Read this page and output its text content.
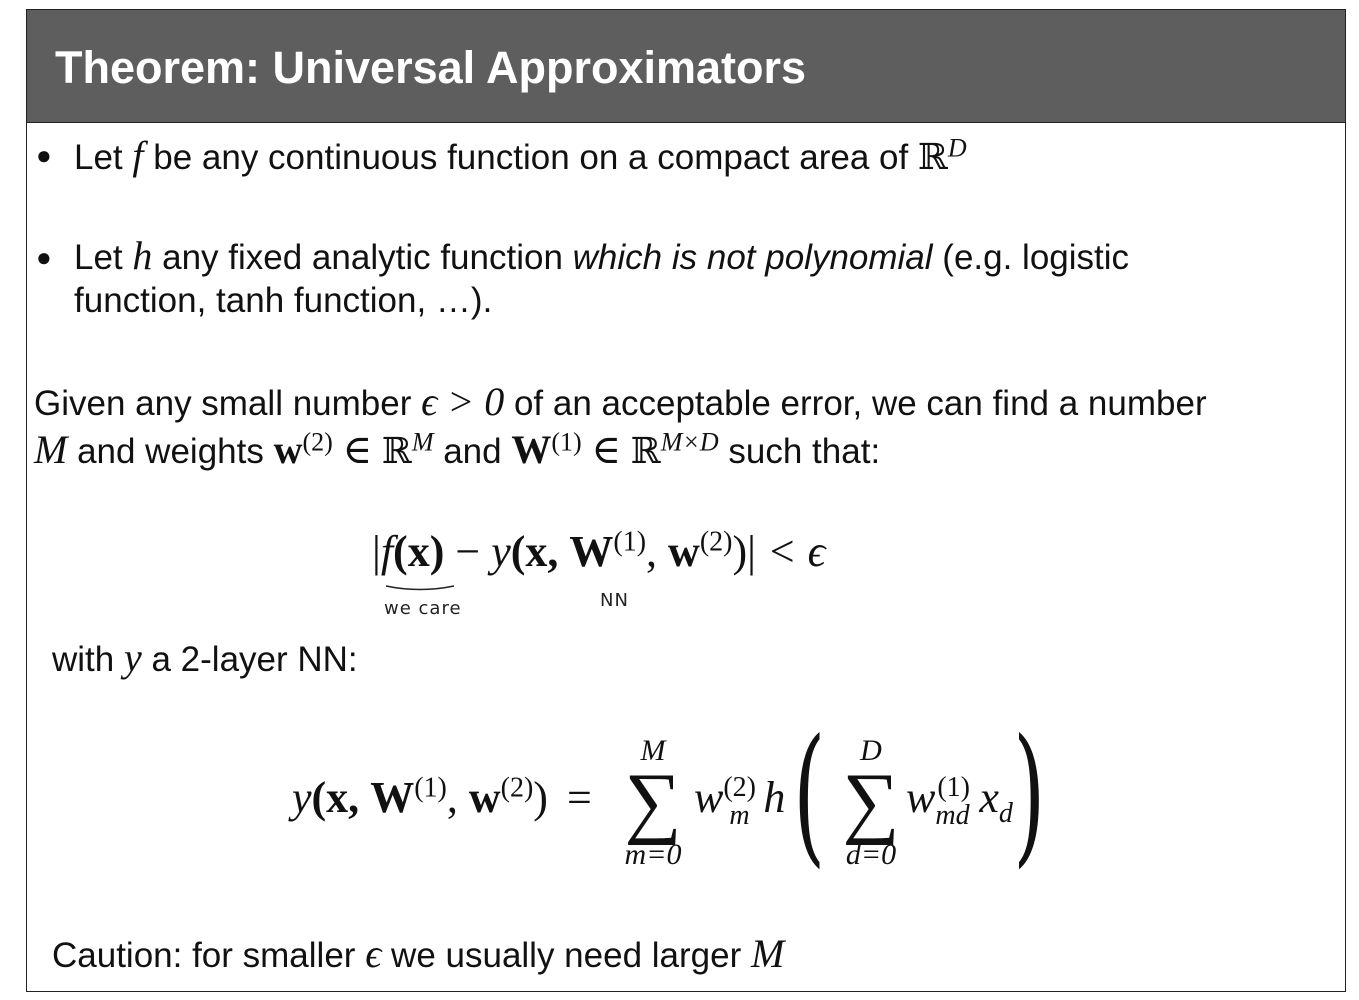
Theorem: Universal Approximators
● Let f be any continuous function on a compact area of ℝ$^D$
● Let h any fixed analytic function which is not polynomial (e.g. logistic
function, tanh function, …).
Given any small number ϵ > 0 of an acceptable error, we can find a number
M and weights $w^{(2)}$ ∈ ℝ$^M$ and $W^{(1)}$ ∈ ℝ$^{M\times D}$ such that:
|f(x) − y(x, $W^{(1)}$, $w^{(2)})| < \epsilon$
we care	NN
with y a 2-layer NN:
y(x, $W^{(1)}$, $w^{(2)}$) =
M
∑
m=0
w (2)
m h ( )
D
∑
d=0
w (1)
md $x_d$
Caution: for smaller ϵ we usually need larger M
